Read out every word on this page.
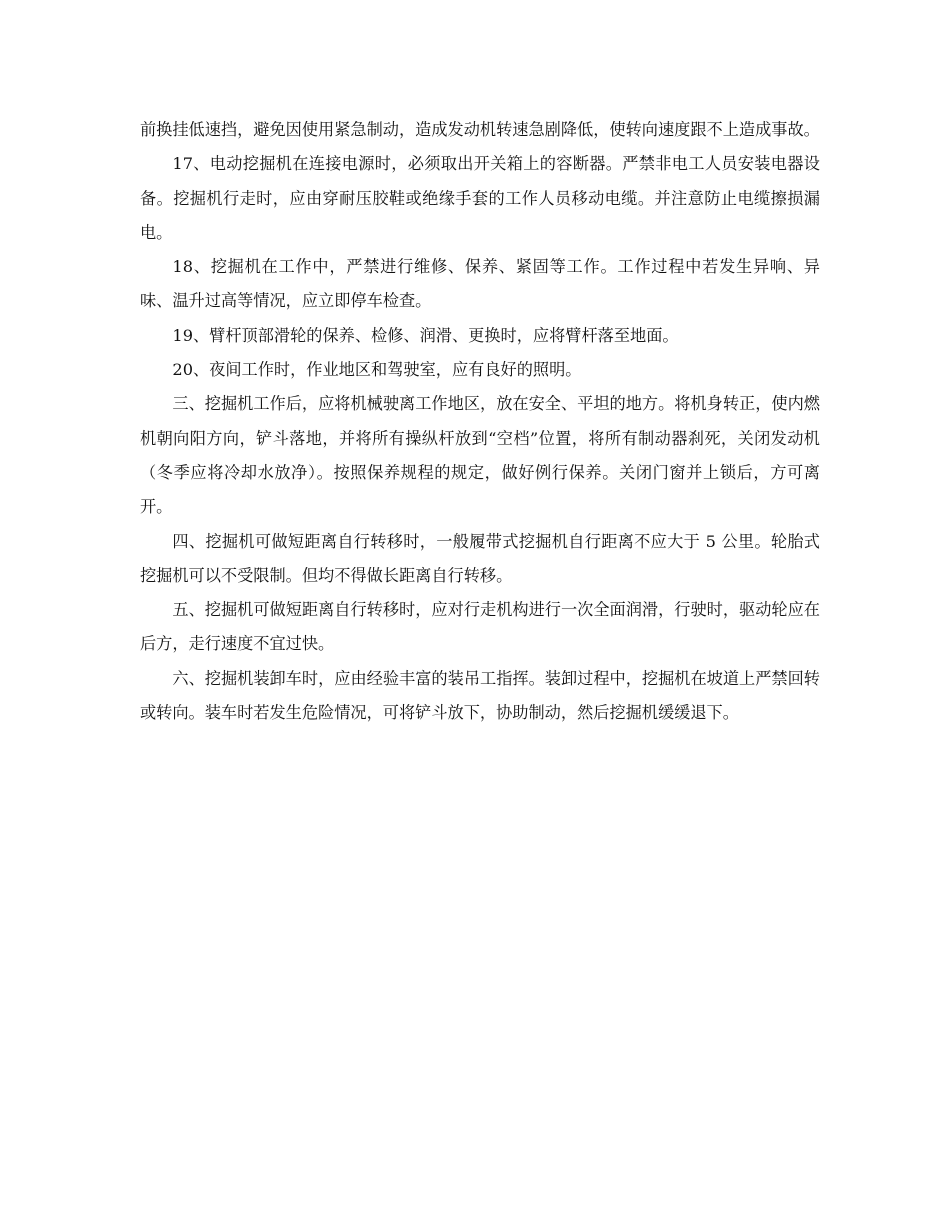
前换挂低速挡，避免因使用紧急制动，造成发动机转速急剧降低，使转向速度跟不上造成事故。

17、电动挖掘机在连接电源时，必须取出开关箱上的容断器。严禁非电工人员安装电器设备。挖掘机行走时，应由穿耐压胶鞋或绝缘手套的工作人员移动电缆。并注意防止电缆擦损漏电。

18、挖掘机在工作中，严禁进行维修、保养、紧固等工作。工作过程中若发生异响、异味、温升过高等情况，应立即停车检查。

19、臂杆顶部滑轮的保养、检修、润滑、更换时，应将臂杆落至地面。

20、夜间工作时，作业地区和驾驶室，应有良好的照明。

三、挖掘机工作后，应将机械驶离工作地区，放在安全、平坦的地方。将机身转正，使内燃机朝向阳方向，铲斗落地，并将所有操纵杆放到“空档”位置，将所有制动器刹死，关闭发动机（冬季应将冷却水放净）。按照保养规程的规定，做好例行保养。关闭门窗并上锁后，方可离开。

四、挖掘机可做短距离自行转移时，一般履带式挖掘机自行距离不应大于 5 公里。轮胎式挖掘机可以不受限制。但均不得做长距离自行转移。

五、挖掘机可做短距离自行转移时，应对行走机构进行一次全面润滑，行驶时，驱动轮应在后方，走行速度不宜过快。

六、挖掘机装卸车时，应由经验丰富的装吊工指挥。装卸过程中，挖掘机在坡道上严禁回转或转向。装车时若发生危险情况，可将铲斗放下，协助制动，然后挖掘机缓缓退下。
